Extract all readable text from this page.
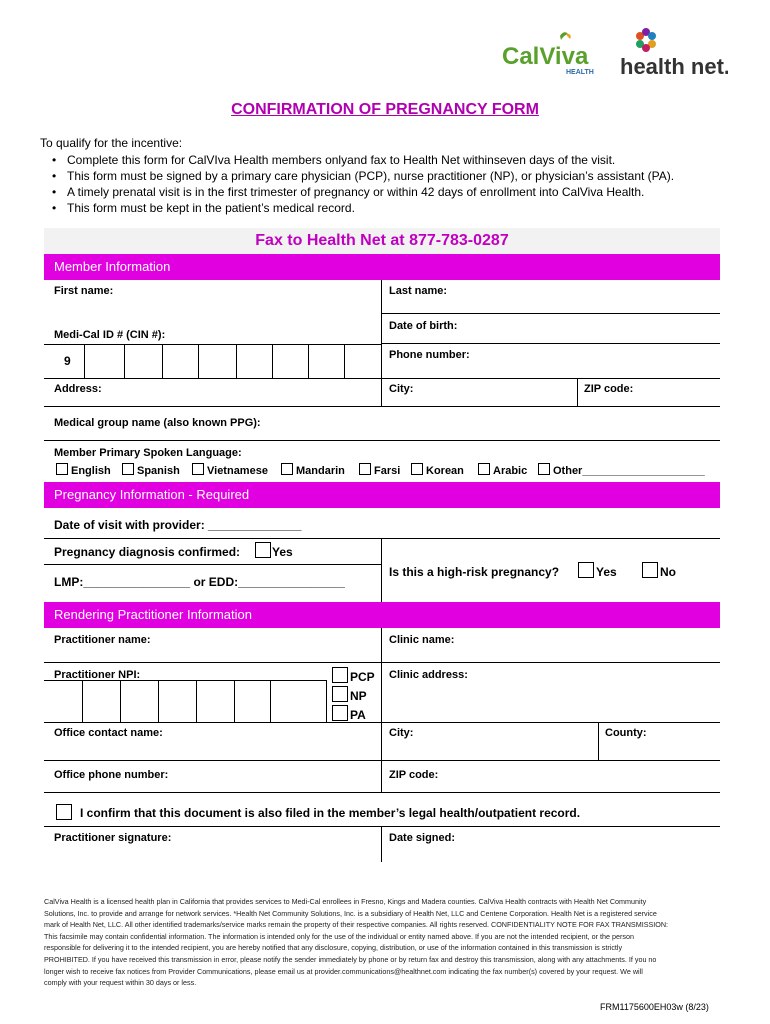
CalViva
HEALTH health net.
CONFIRMATION OF PREGNANCY FORM
To qualify for the incentive:
• Complete this form for CalVIva Health members onlyand fax to Health Net withinseven days of the visit.
• This form must be signed by a primary care physician (PCP), nurse practitioner (NP), or physician’s assistant (PA).
• A timely prenatal visit is in the first trimester of pregnancy or within 42 days of enrollment into CalViva Health.
• This form must be kept in the patient’s medical record.
Fax to Health Net at 877-783-0287
Member Information
First name:	Last name:
Date of birth:
Medi-Cal ID # (CIN #):
Phone number:
9
Address:	City:	ZIP code:
Medical group name (also known PPG):
Member Primary Spoken Language:
English	Spanish	Vietnamese	Mandarin	Farsi	Korean	Arabic	Other____________________
Pregnancy Information - Required
Date of visit with provider: ______________
Pregnancy diagnosis confirmed:	Yes
LMP:________________ or EDD:________________
Is this a high-risk pregnancy?	Yes	No
Rendering Practitioner Information
Practitioner name:	Clinic name:
Practitioner NPI:	PCP
NP
PA
Clinic address:
Office contact name:	City:	County:
Office phone number:	ZIP code:
I confirm that this document is also filed in the member’s legal health/outpatient record.
Practitioner signature:	Date signed:
CalViva Health is a licensed health plan in California that provides services to Medi-Cal enrollees in Fresno, Kings and Madera counties. CalViva Health contracts with Health Net Community
Solutions, Inc. to provide and arrange for network services. *Health Net Community Solutions, Inc. is a subsidiary of Health Net, LLC and Centene Corporation. Health Net is a registered service
mark of Health Net, LLC. All other identified trademarks/service marks remain the property of their respective companies. All rights reserved. CONFIDENTIALITY NOTE FOR FAX TRANSMISSION:
This facsimile may contain confidential information. The information is intended only for the use of the individual or entity named above. If you are not the intended recipient, or the person
responsible for delivering it to the intended recipient, you are hereby notified that any disclosure, copying, distribution, or use of the information contained in this transmission is strictly
PROHIBITED. If you have received this transmission in error, please notify the sender immediately by phone or by return fax and destroy this transmission, along with any attachments. If you no
longer wish to receive fax notices from Provider Communications, please email us at provider.communications@healthnet.com indicating the fax number(s) covered by your request. We will
comply with your request within 30 days or less.
FRM1175600EH03w (8/23)
